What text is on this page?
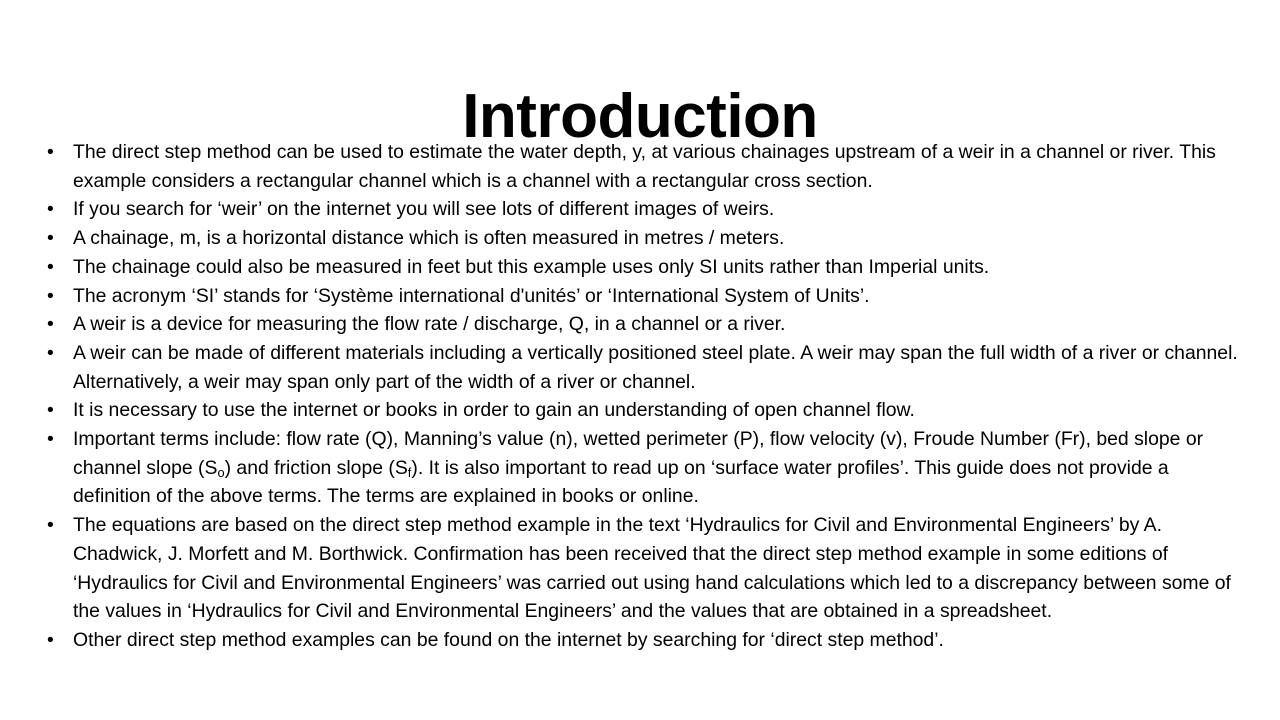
Introduction
• The direct step method can be used to estimate the water depth, y, at various chainages upstream of a weir in a channel or river. This example considers a rectangular channel which is a channel with a rectangular cross section.
• If you search for ‘weir’ on the internet you will see lots of different images of weirs.
• A chainage, m, is a horizontal distance which is often measured in metres / meters.
• The chainage could also be measured in feet but this example uses only SI units rather than Imperial units.
• The acronym ‘SI’ stands for ‘Système international d'unités’ or ‘International System of Units’.
• A weir is a device for measuring the flow rate / discharge, Q, in a channel or a river.
• A weir can be made of different materials including a vertically positioned steel plate. A weir may span the full width of a river or channel. Alternatively, a weir may span only part of the width of a river or channel.
• It is necessary to use the internet or books in order to gain an understanding of open channel flow.
• Important terms include: flow rate (Q), Manning’s value (n), wetted perimeter (P), flow velocity (v), Froude Number (Fr), bed slope or channel slope $(S_o)$ and friction slope $(S_f)$. It is also important to read up on ‘surface water profiles’. This guide does not provide a definition of the above terms. The terms are explained in books or online.
• The equations are based on the direct step method example in the text ‘Hydraulics for Civil and Environmental Engineers’ by A. Chadwick, J. Morfett and M. Borthwick. Confirmation has been received that the direct step method example in some editions of ‘Hydraulics for Civil and Environmental Engineers’ was carried out using hand calculations which led to a discrepancy between some of the values in ‘Hydraulics for Civil and Environmental Engineers’ and the values that are obtained in a spreadsheet.
• Other direct step method examples can be found on the internet by searching for ‘direct step method’.
